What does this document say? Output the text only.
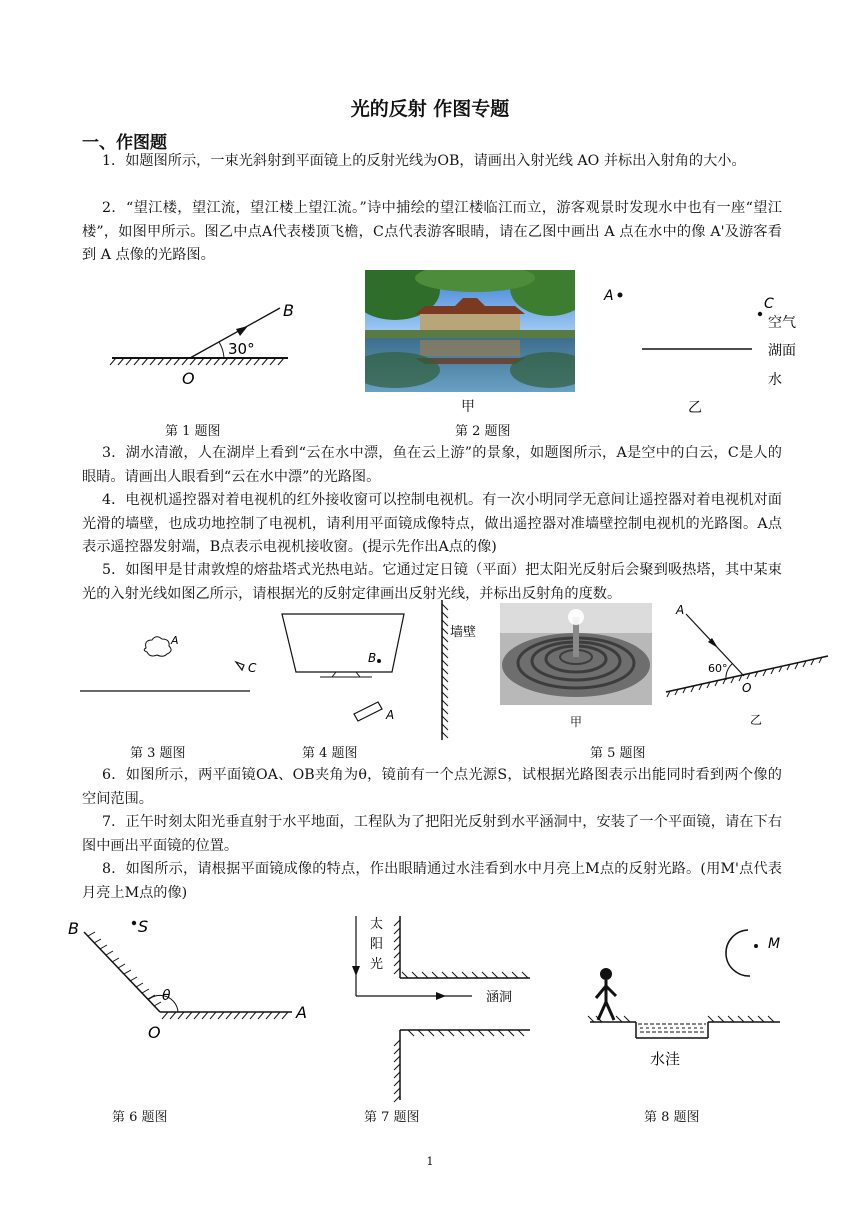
光的反射 作图专题
一、作图题
1．如题图所示，一束光斜射到平面镜上的反射光线为OB，请画出入射光线 AO 并标出入射角的大小。
2．“望江楼，望江流，望江楼上望江流。”诗中捕绘的望江楼临江而立，游客观景时发现水中也有一座“望江楼”，如图甲所示。图乙中点A代表楼顶飞檐，C点代表游客眼睛，请在乙图中画出 A 点在水中的像 A'及游客看到 A 点像的光路图。
B
O
30°
甲
A	C
空气
湖面
水
乙
第 1 题图	第 2 题图
3．湖水清澈，人在湖岸上看到“云在水中漂，鱼在云上游”的景象，如题图所示，A是空中的白云，C是人的眼睛。请画出人眼看到“云在水中漂”的光路图。
4．电视机遥控器对着电视机的红外接收窗可以控制电视机。有一次小明同学无意间让遥控器对着电视机对面光滑的墙壁，也成功地控制了电视机，请利用平面镜成像特点，做出遥控器对准墙壁控制电视机的光路图。A点表示遥控器发射端，B点表示电视机接收窗。(提示先作出A点的像)
5．如图甲是甘肃敦煌的熔盐塔式光热电站。它通过定日镜（平面）把太阳光反射后会聚到吸热塔，其中某束光的入射光线如图乙所示，请根据光的反射定律画出反射光线，并标出反射角的度数。
A
C
B
A
墙壁
甲
A
60°
O
乙
第 3 题图	第 4 题图	第 5 题图
6．如图所示，两平面镜OA、OB夹角为θ，镜前有一个点光源S，试根据光路图表示出能同时看到两个像的空间范围。
7．正午时刻太阳光垂直射于水平地面，工程队为了把阳光反射到水平涵洞中，安装了一个平面镜，请在下右图中画出平面镜的位置。
8．如图所示，请根据平面镜成像的特点，作出眼睛通过水洼看到水中月亮上M点的反射光路。(用M'点代表月亮上M点的像)
B	S
θ
O
A
太
阳
光
涵洞
M
水洼
第 6 题图	第 7 题图	第 8 题图
1
